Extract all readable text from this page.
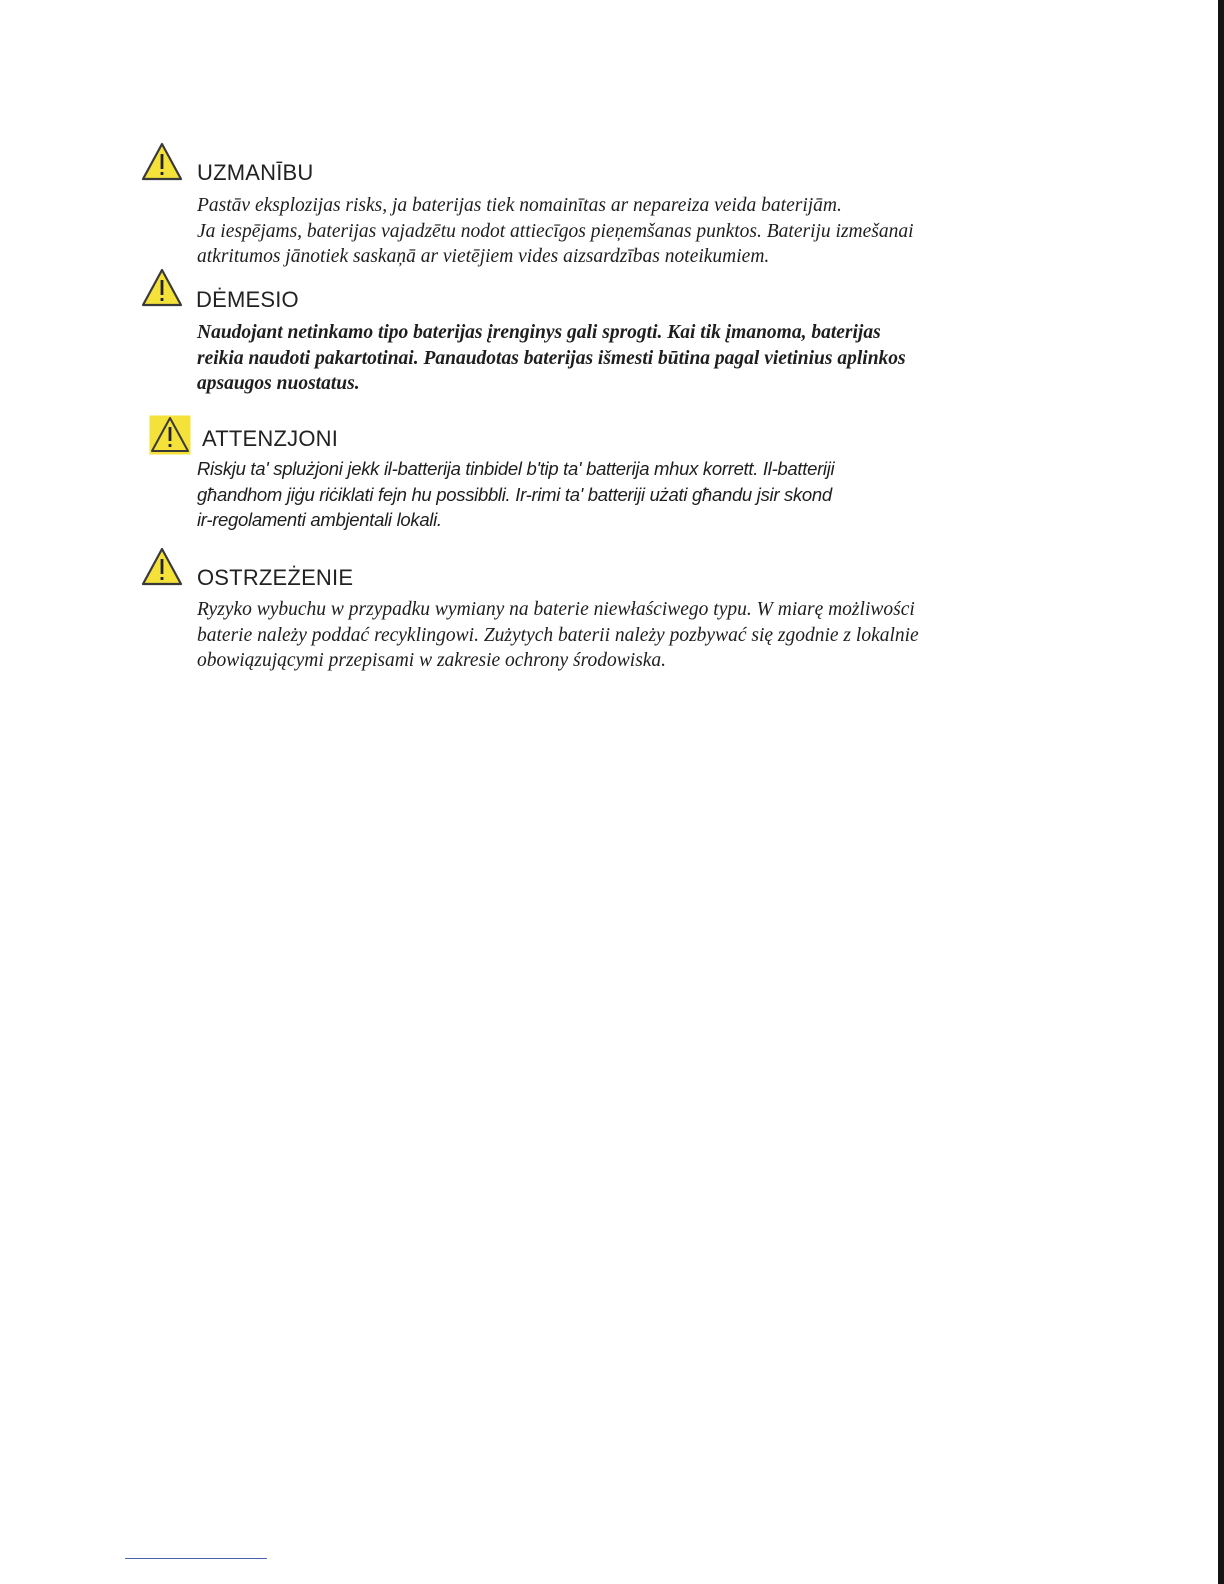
UZMANĪBU

Pastāv eksplozijas risks, ja baterijas tiek nomainītas ar nepareiza veida baterijām.
Ja iespējams, baterijas vajadzētu nodot attiecīgos pieņemšanas punktos. Bateriju izmešanai
atkritumos jānotiek saskaņā ar vietējiem vides aizsardzības noteikumiem.

DĖMESIO

Naudojant netinkamo tipo baterijas įrenginys gali sprogti. Kai tik įmanoma, baterijas
reikia naudoti pakartotinai. Panaudotas baterijas išmesti būtina pagal vietinius aplinkos
apsaugos nuostatus.

ATTENZJONI

Riskju ta' splużjoni jekk il-batterija tinbidel b'tip ta' batterija mhux korrett. Il-batteriji
għandhom jiġu riċiklati fejn hu possibbli. Ir-rimi ta' batteriji użati għandu jsir skond
ir-regolamenti ambjentali lokali.

OSTRZEŻENIE

Ryzyko wybuchu w przypadku wymiany na baterie niewłaściwego typu. W miarę możliwości
baterie należy poddać recyklingowi. Zużytych baterii należy pozbywać się zgodnie z lokalnie
obowiązującymi przepisami w zakresie ochrony środowiska.
